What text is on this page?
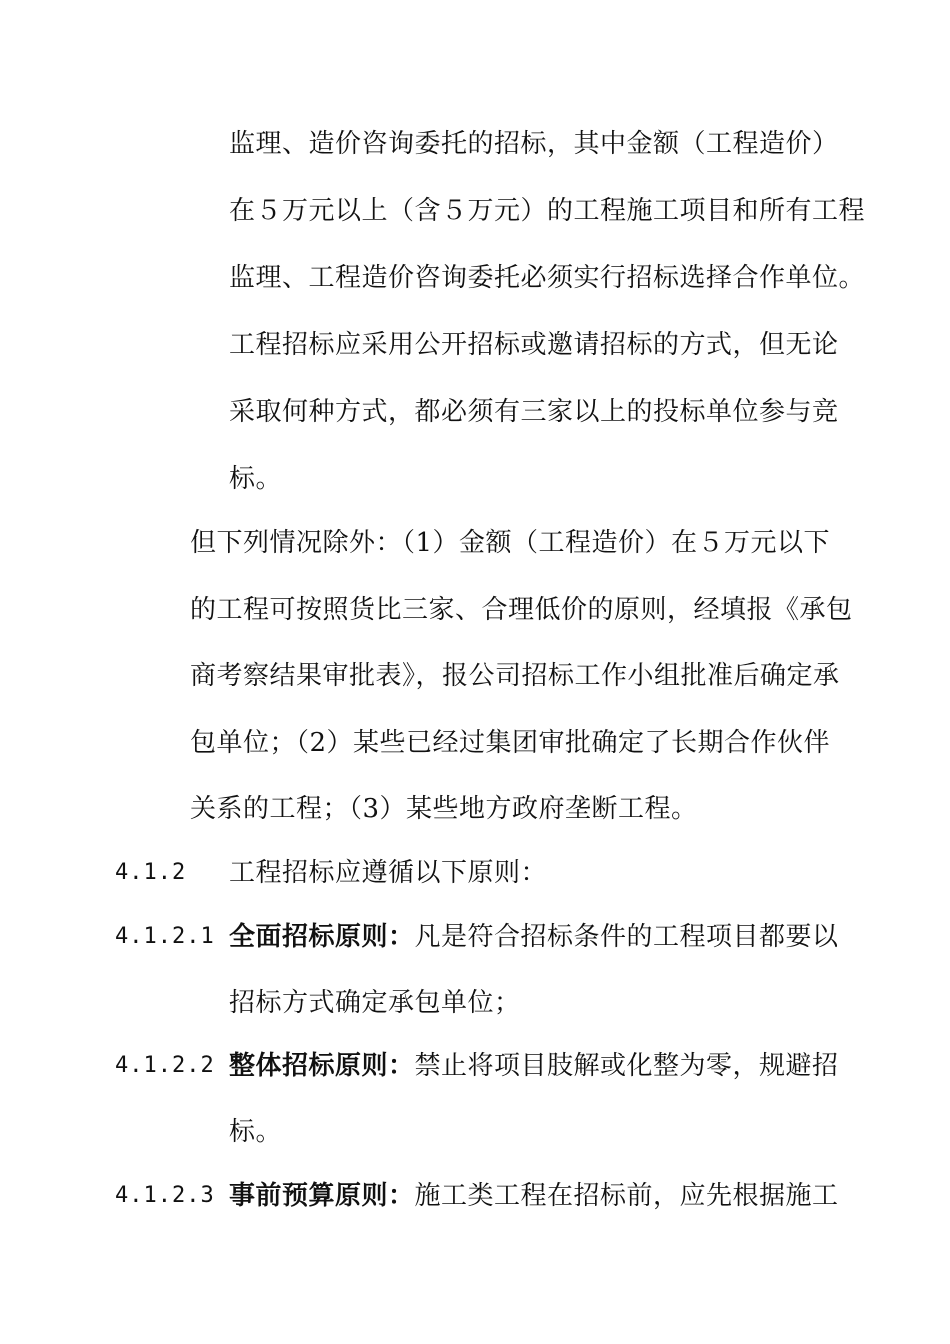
监理、造价咨询委托的招标，其中金额（工程造价）
在５万元以上（含５万元）的工程施工项目和所有工程
监理、工程造价咨询委托必须实行招标选择合作单位。
工程招标应采用公开招标或邀请招标的方式，但无论
采取何种方式，都必须有三家以上的投标单位参与竞
标。
但下列情况除外：（1）金额（工程造价）在５万元以下
的工程可按照货比三家、合理低价的原则，经填报《承包
商考察结果审批表》，报公司招标工作小组批准后确定承
包单位；（2）某些已经过集团审批确定了长期合作伙伴
关系的工程；（3）某些地方政府垄断工程。
4.1.2 工程招标应遵循以下原则：
4.1.2.1 全面招标原则：凡是符合招标条件的工程项目都要以
招标方式确定承包单位；
4.1.2.2 整体招标原则：禁止将项目肢解或化整为零，规避招
标。
4.1.2.3 事前预算原则：施工类工程在招标前，应先根据施工
